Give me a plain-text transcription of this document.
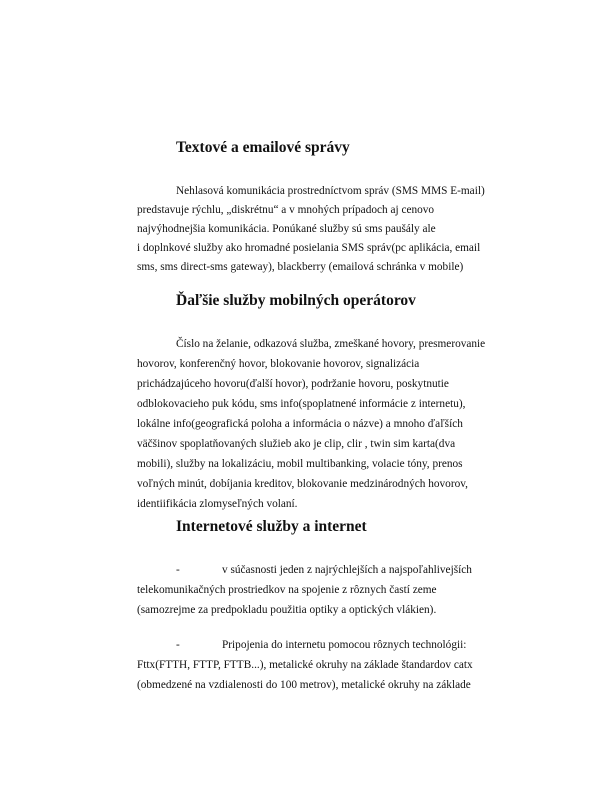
Textové a emailové správy
Nehlasová komunikácia prostredníctvom správ (SMS MMS E-mail)
predstavuje rýchlu, „diskrétnu“ a v mnohých prípadoch aj cenovo
najvýhodnejšia komunikácia. Ponúkané služby sú sms paušály ale
i doplnkové služby ako hromadné posielania SMS správ(pc aplikácia, email
sms, sms direct-sms gateway), blackberry (emailová schránka v mobile)
Ďaľšie služby mobilných operátorov
Číslo na želanie, odkazová služba, zmeškané hovory, presmerovanie
hovorov, konferenčný hovor, blokovanie hovorov, signalizácia
prichádzajúceho hovoru(ďalší hovor), podržanie hovoru, poskytnutie
odblokovacieho puk kódu, sms info(spoplatnené informácie z internetu),
lokálne info(geografická poloha a informácia o názve) a mnoho ďaľších
väčšinov spoplatňovaných služieb ako je clip, clir , twin sim karta(dva
mobili), služby na lokalizáciu, mobil multibanking, volacie tóny, prenos
voľných minút, dobíjania kreditov, blokovanie medzinárodných hovorov,
identiifikácia zlomyseľných volaní.
Internetové služby a internet
-	v súčasnosti jeden z najrýchlejších a najspoľahlivejších
telekomunikačných prostriedkov na spojenie z rôznych častí zeme
(samozrejme za predpokladu použitia optiky a optických vlákien).
-	Pripojenia do internetu pomocou rôznych technológii:
Fttx(FTTH, FTTP, FTTB...), metalické okruhy na základe štandardov catx
(obmedzené na vzdialenosti do 100 metrov), metalické okruhy na základe
